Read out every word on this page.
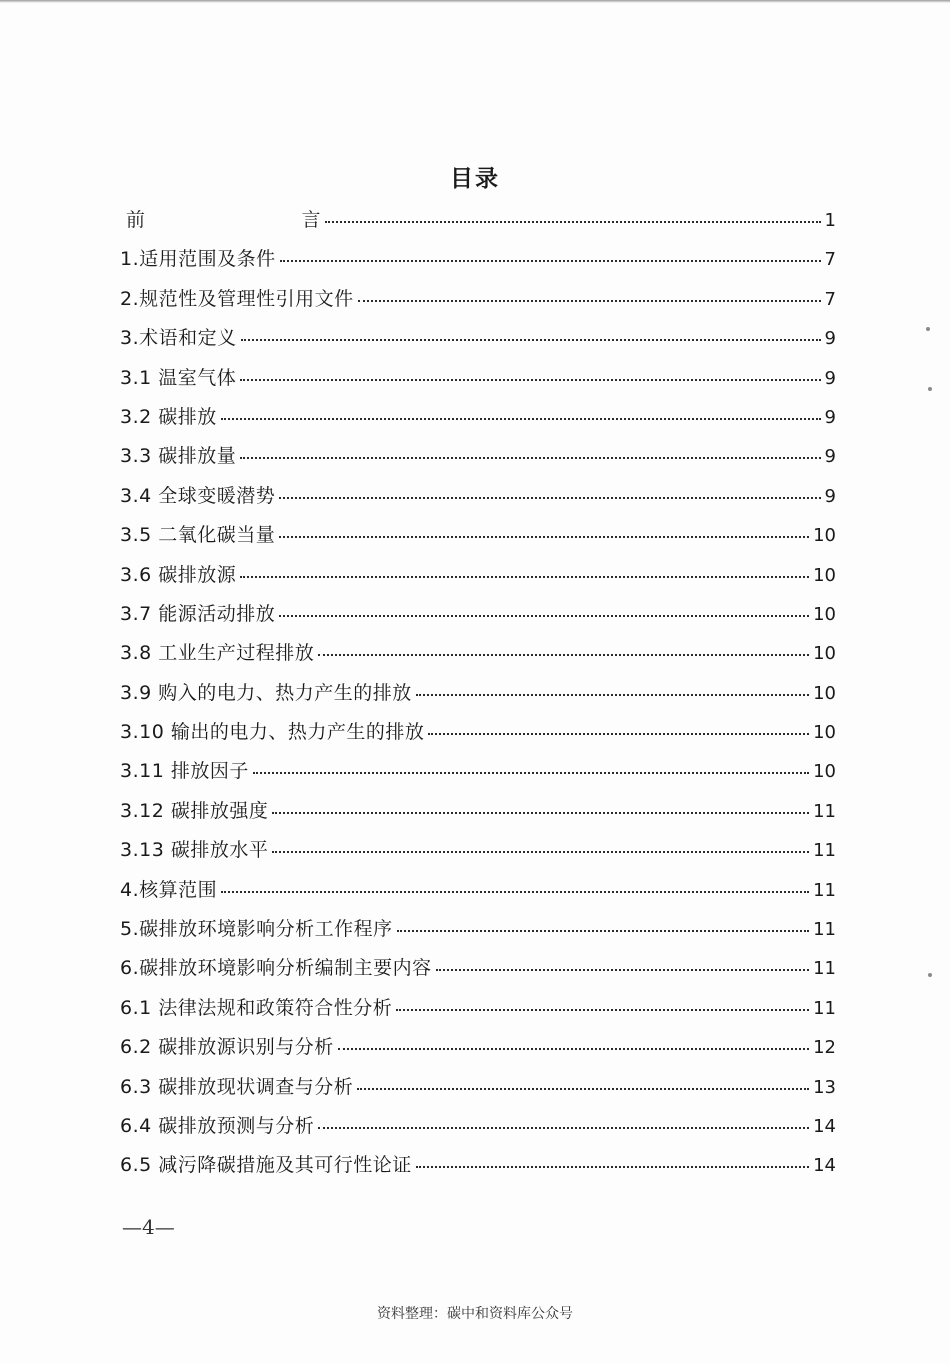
目录
前	言	1
1.适用范围及条件	7
2.规范性及管理性引用文件	7
3.术语和定义	9
3.1 温室气体	9
3.2 碳排放	9
3.3 碳排放量	9
3.4 全球变暖潜势	9
3.5 二氧化碳当量	10
3.6 碳排放源	10
3.7 能源活动排放	10
3.8 工业生产过程排放	10
3.9 购入的电力、热力产生的排放	10
3.10 输出的电力、热力产生的排放	10
3.11 排放因子	10
3.12 碳排放强度	11
3.13 碳排放水平	11
4.核算范围	11
5.碳排放环境影响分析工作程序	11
6.碳排放环境影响分析编制主要内容	11
6.1 法律法规和政策符合性分析	11
6.2 碳排放源识别与分析	12
6.3 碳排放现状调查与分析	13
6.4 碳排放预测与分析	14
6.5 减污降碳措施及其可行性论证	14
—4—
资料整理：碳中和资料库公众号
